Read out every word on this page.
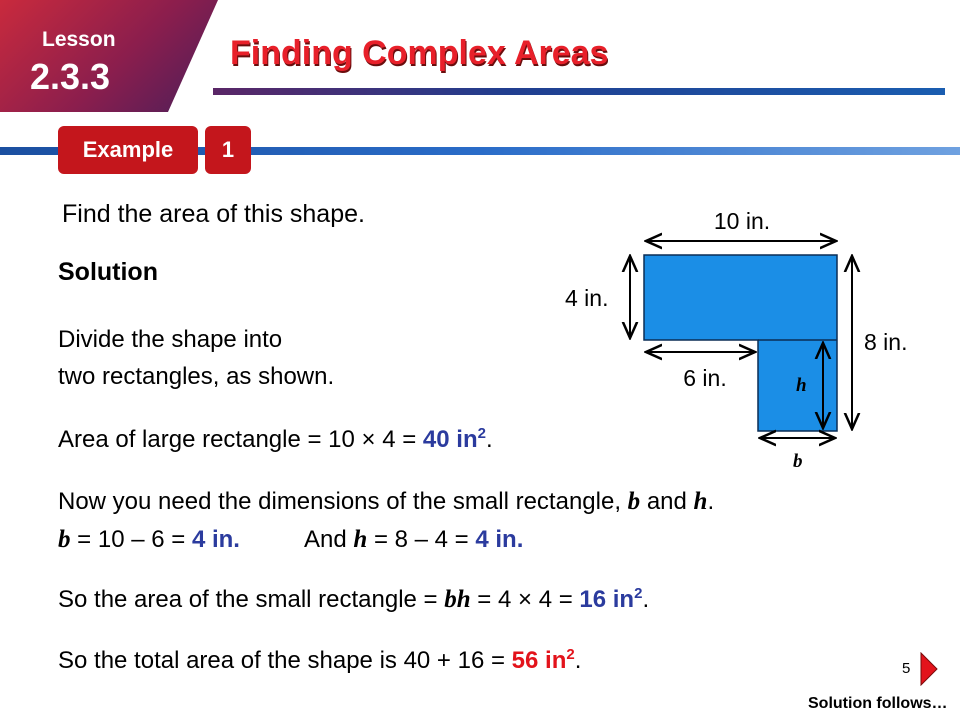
Lesson
2.3.3
Finding Complex Areas
Example	1
Find the area of this shape.
Solution
Divide the shape into
two rectangles, as shown.
Area of large rectangle = 10 × 4 = 40 $in^2$.
Now you need the dimensions of the small rectangle, b and h.
b = 10 – 6 = 4 in.	And h = 8 – 4 = 4 in.
So the area of the small rectangle = bh = 4 × 4 = 16 $in^2$.
So the total area of the shape is 40 + 16 = 56 $in^2$.
10 in.
4 in.
8 in.
6 in.	h
b
5
Solution follows…
